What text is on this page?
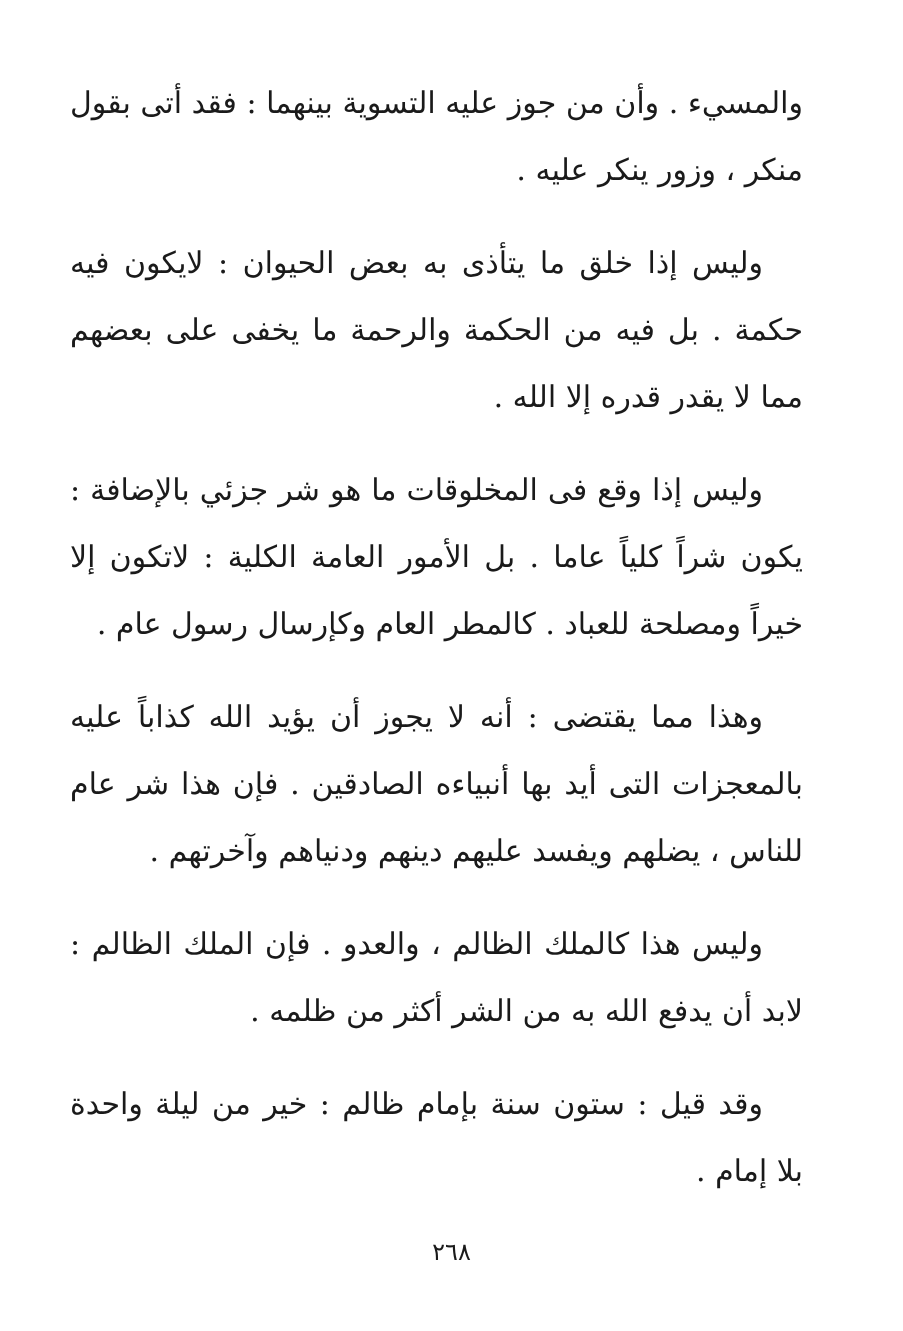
والمسيء . وأن من جوز عليه التسوية بينهما : فقد أتى بقول منكر ، وزور ينكر عليه .

وليس إذا خلق ما يتأذى به بعض الحيوان : لايكون فيه حكمة . بل فيه من الحكمة والرحمة ما يخفى على بعضهم مما لا يقدر قدره إلا الله .

وليس إذا وقع فى المخلوقات ما هو شر جزئي بالإضافة : يكون شراً كلياً عاما . بل الأمور العامة الكلية : لاتكون إلا خيراً ومصلحة للعباد . كالمطر العام وكإرسال رسول عام .

وهذا مما يقتضى : أنه لا يجوز أن يؤيد الله كذاباً عليه بالمعجزات التى أيد بها أنبياءه الصادقين . فإن هذا شر عام للناس ، يضلهم ويفسد عليهم دينهم ودنياهم وآخرتهم .

وليس هذا كالملك الظالم ، والعدو . فإن الملك الظالم : لابد أن يدفع الله به من الشر أكثر من ظلمه .

وقد قيل : ستون سنة بإمام ظالم : خير من ليلة واحدة بلا إمام .

٢٦٨
